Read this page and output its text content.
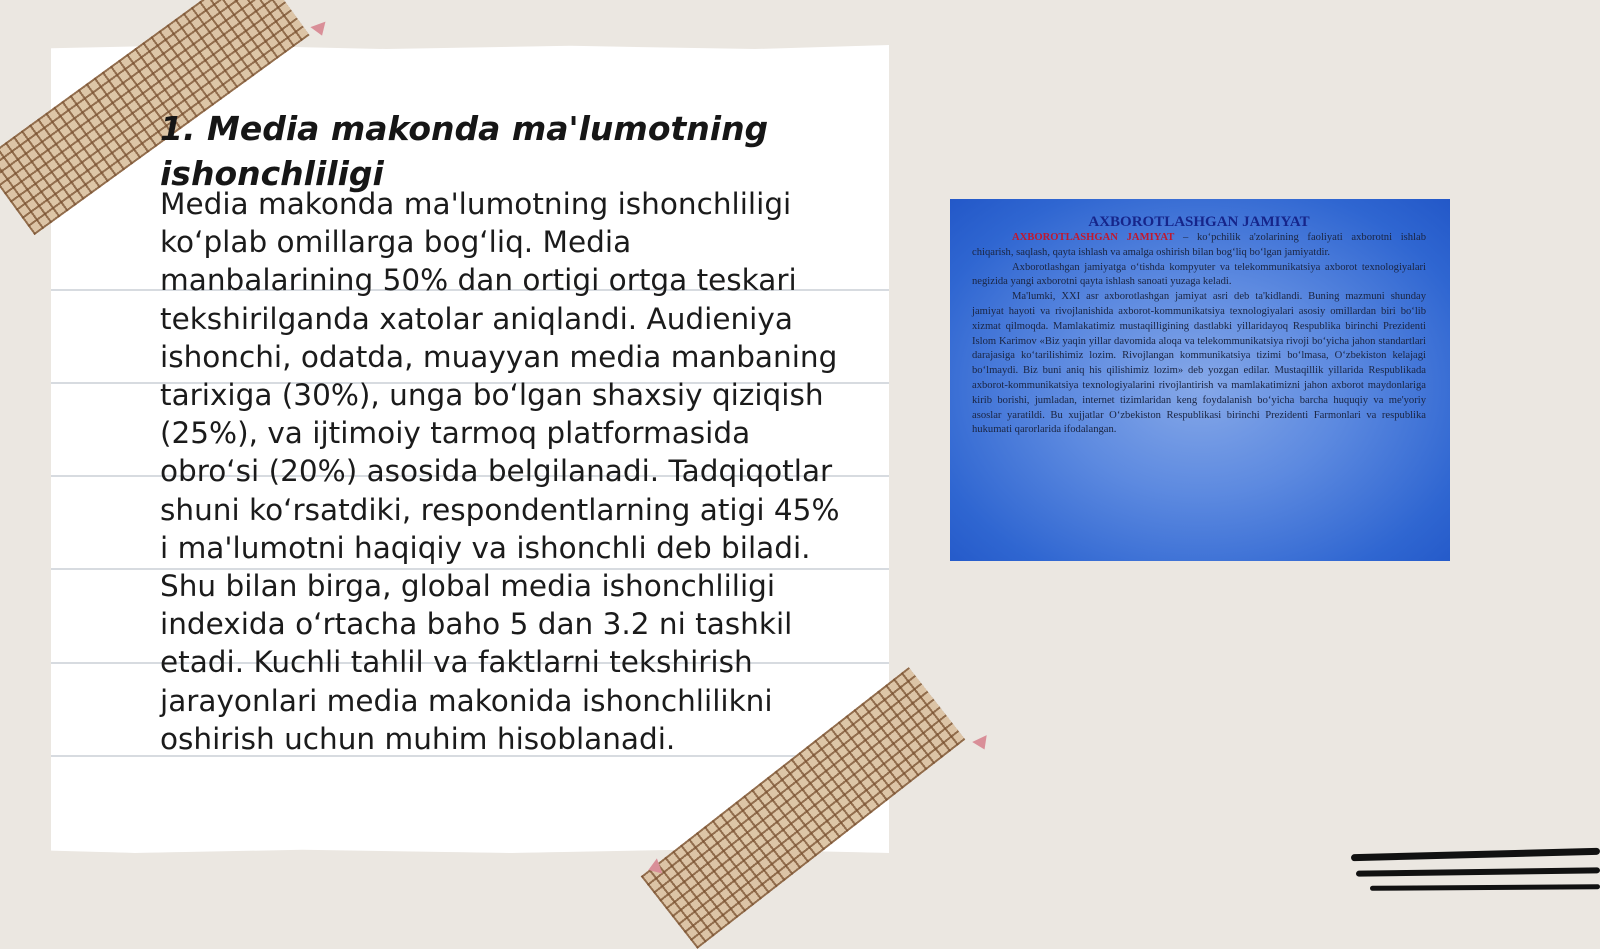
1. Media makonda ma'lumotning ishonchliligi

Media makonda ma'lumotning ishonchliligi koʻplab omillarga bogʻliq. Media manbalarining 50% dan ortigi ortga teskari tekshirilganda xatolar aniqlandi. Audieniya ishonchi, odatda, muayyan media manbaning tarixiga (30%), unga boʻlgan shaxsiy qiziqish (25%), va ijtimoiy tarmoq platformasida obroʻsi (20%) asosida belgilanadi. Tadqiqotlar shuni koʻrsatdiki, respondentlarning atigi 45% i ma'lumotni haqiqiy va ishonchli deb biladi. Shu bilan birga, global media ishonchliligi indexida oʻrtacha baho 5 dan 3.2 ni tashkil etadi. Kuchli tahlil va faktlarni tekshirish jarayonlari media makonida ishonchlilikni oshirish uchun muhim hisoblanadi.

AXBOROTLASHGAN JAMIYAT

AXBOROTLASHGAN JAMIYAT – ko‘pchilik a'zolarining faoliyati axborotni ishlab chiqarish, saqlash, qayta ishlash va amalga oshirish bilan bog‘liq bo‘lgan jamiyatdir.

Axborotlashgan jamiyatga o‘tishda kompyuter va telekommunikatsiya axborot texnologiyalari negizida yangi axborotni qayta ishlash sanoati yuzaga keladi.

Ma'lumki, XXI asr axborotlashgan jamiyat asri deb ta'kidlandi. Buning mazmuni shunday jamiyat hayoti va rivojlanishida axborot-kommunikatsiya texnologiyalari asosiy omillardan biri bo‘lib xizmat qilmoqda. Mamlakatimiz mustaqilligining dastlabki yillaridayoq Respublika birinchi Prezidenti Islom Karimov «Biz yaqin yillar davomida aloqa va telekommunikatsiya rivoji bo‘yicha jahon standartlari darajasiga ko‘tarilishimiz lozim. Rivojlangan kommunikatsiya tizimi bo‘lmasa, O‘zbekiston kelajagi bo‘lmaydi. Biz buni aniq his qilishimiz lozim» deb yozgan edilar. Mustaqillik yillarida Respublikada axborot-kommunikatsiya texnologiyalarini rivojlantirish va mamlakatimizni jahon axborot maydonlariga kirib borishi, jumladan, internet tizimlaridan keng foydalanish bo‘yicha barcha huquqiy va me'yoriy asoslar yaratildi. Bu xujjatlar O‘zbekiston Respublikasi birinchi Prezidenti Farmonlari va respublika hukumati qarorlarida ifodalangan.
